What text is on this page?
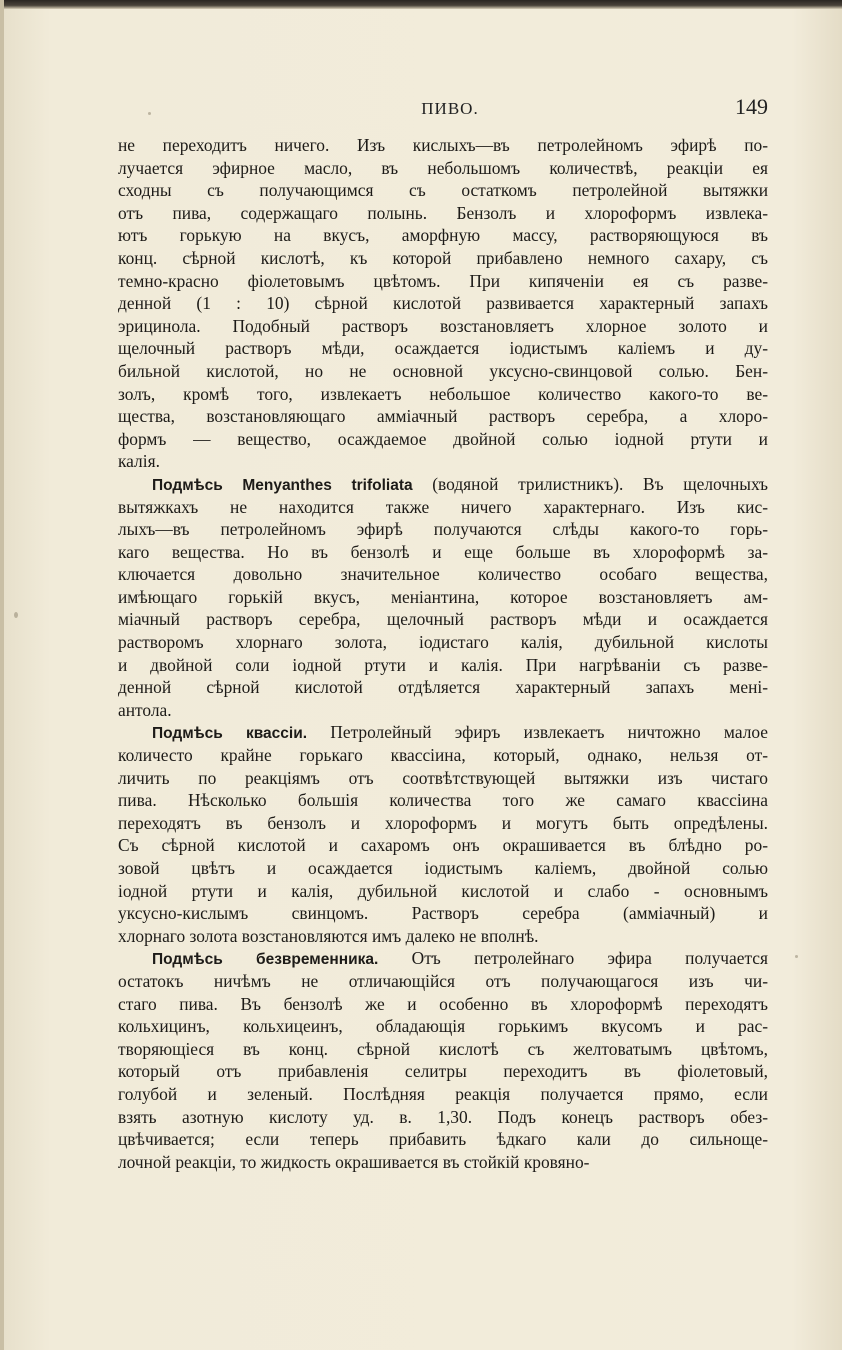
ПИВО.	149
не переходитъ ничего. Изъ кислыхъ—въ петролейномъ эфирѣ по-
лучается эфирное масло, въ небольшомъ количествѣ, реакціи ея
сходны съ получающимся съ остаткомъ петролейной вытяжки
отъ пива, содержащаго полынь. Бензолъ и хлороформъ извлека-
ютъ горькую на вкусъ, аморфную массу, растворяющуюся въ
конц. сѣрной кислотѣ, къ которой прибавлено немного сахару, съ
темно-красно фіолетовымъ цвѣтомъ. При кипяченіи ея съ разве-
денной (1 : 10) сѣрной кислотой развивается характерный запахъ
эрицинола. Подобный растворъ возстановляетъ хлорное золото и
щелочный растворъ мѣди, осаждается іодистымъ каліемъ и ду-
бильной кислотой, но не основной уксусно-свинцовой солью. Бен-
золъ, кромѣ того, извлекаетъ небольшое количество какого-то ве-
щества, возстановляющаго амміачный растворъ серебра, а хлоро-
формъ — вещество, осаждаемое двойной солью іодной ртути и
калія.
Подмѣсь Menyanthes trifoliata (водяной трилистникъ). Въ щелочныхъ
вытяжкахъ не находится также ничего характернаго. Изъ кис-
лыхъ—въ петролейномъ эфирѣ получаются слѣды какого-то горь-
каго вещества. Но въ бензолѣ и еще больше въ хлороформѣ за-
ключается довольно значительное количество особаго вещества,
имѣющаго горькій вкусъ, меніантина, которое возстановляетъ ам-
міачный растворъ серебра, щелочный растворъ мѣди и осаждается
растворомъ хлорнаго золота, іодистаго калія, дубильной кислоты
и двойной соли іодной ртути и калія. При нагрѣваніи съ разве-
денной сѣрной кислотой отдѣляется характерный запахъ мені-
антола.
Подмѣсь квассіи. Петролейный эфиръ извлекаетъ ничтожно малое
количесто крайне горькаго квассіина, который, однако, нельзя от-
личить по реакціямъ отъ соотвѣтствующей вытяжки изъ чистаго
пива. Нѣсколько большія количества того же самаго квассіина
переходятъ въ бензолъ и хлороформъ и могутъ быть опредѣлены.
Съ сѣрной кислотой и сахаромъ онъ окрашивается въ блѣдно ро-
зовой цвѣтъ и осаждается іодистымъ каліемъ, двойной солью
іодной ртути и калія, дубильной кислотой и слабо - основнымъ
уксусно-кислымъ свинцомъ. Растворъ серебра (амміачный) и
хлорнаго золота возстановляются имъ далеко не вполнѣ.
Подмѣсь безвременника. Отъ петролейнаго эфира получается
остатокъ ничѣмъ не отличающійся отъ получающагося изъ чи-
стаго пива. Въ бензолѣ же и особенно въ хлороформѣ переходятъ
кольхицинъ, кольхицеинъ, обладающія горькимъ вкусомъ и рас-
творяющіеся въ конц. сѣрной кислотѣ съ желтоватымъ цвѣтомъ,
который отъ прибавленія селитры переходитъ въ фіолетовый,
голубой и зеленый. Послѣдняя реакція получается прямо, если
взять азотную кислоту уд. в. 1,30. Подъ конецъ растворъ обез-
цвѣчивается; если теперь прибавить ѣдкаго кали до сильноще-
лочной реакціи, то жидкость окрашивается въ стойкій кровяно-
